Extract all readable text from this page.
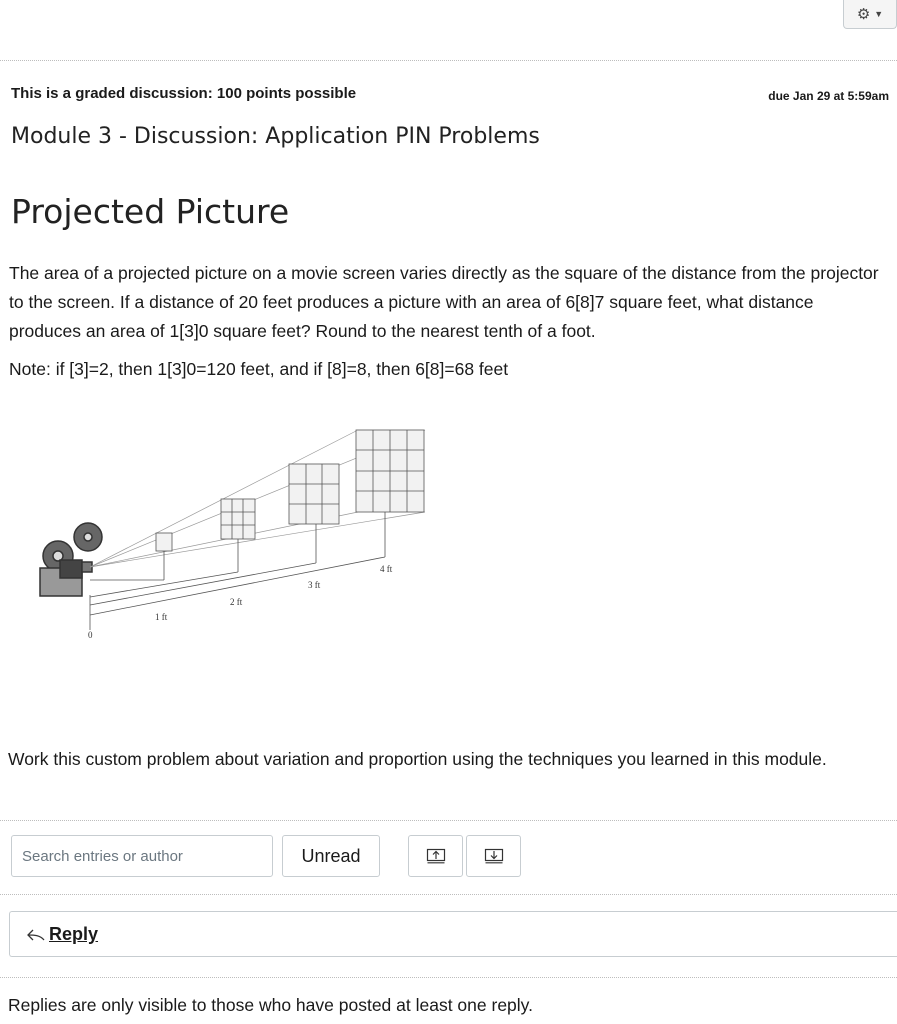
⚙ ▼
This is a graded discussion: 100 points possible	due Jan 29 at 5:59am
Module 3 - Discussion: Application PIN Problems
Projected Picture
The area of a projected picture on a movie screen varies directly as the square of the distance from the projector to the screen. If a distance of 20 feet produces a picture with an area of 6[8]7 square feet, what distance produces an area of 1[3]0 square feet? Round to the nearest tenth of a foot.
Note: if [3]=2, then 1[3]0=120 feet, and if [8]=8, then 6[8]=68 feet
0
1 ft
2 ft
3 ft
4 ft
Work this custom problem about variation and proportion using the techniques you learned in this module.
Search entries or author
Unread
Reply
Replies are only visible to those who have posted at least one reply.
